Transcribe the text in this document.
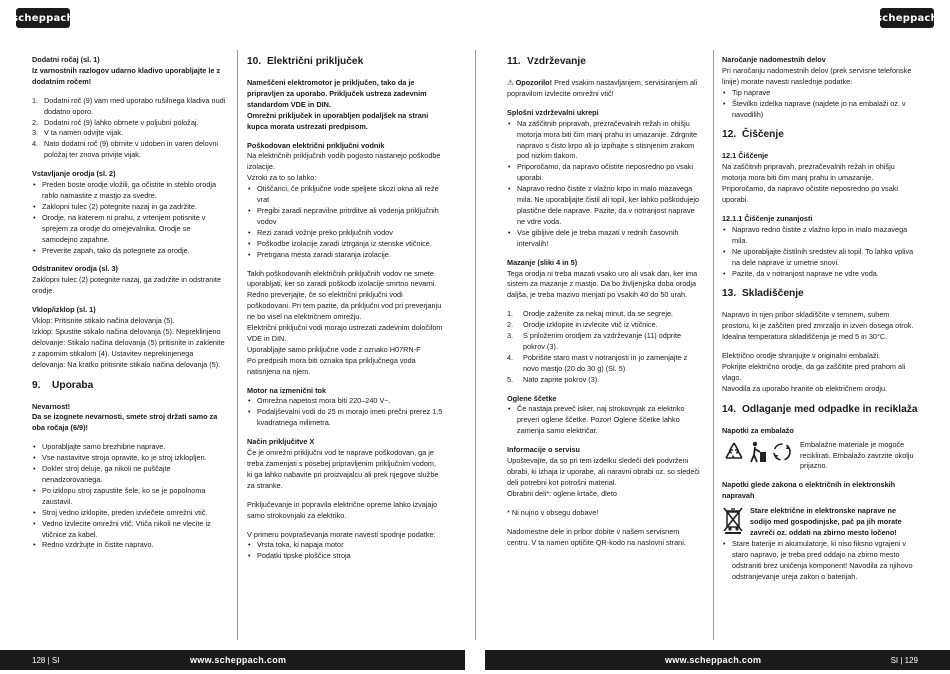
scheppach	scheppach
Dodatni ročaj (sl. 1)

Iz varnostnih razlogov udarno kladivo uporabljajte le z dodatnim ročem!

1. Dodatni roč (9) vam med uporabo rušilnega kladiva nudi dodatno oporo.
2. Dodatni roč (9) lahko obrnete v poljubni položaj.
3. V ta namen odvijte vijak.
4. Nato dodatni roč (9) obrnite v udoben in varen delovni položaj ter znova privijte vijak.
Vstavljanje orodja (sl. 2)
• Preden boste orodje vložili, ga očistite in steblo orodja rahlo namastite z mastjo za svedre.
• Zaklopni tulec (2) potegnite nazaj in ga zadržite.
• Orodje, na katerem ni prahu, z vrtenjem potisnite v sprejem za orodje do omejevalnika. Orodje se samodejno zapahne.
• Preverite zapah, tako da potegnete za orodje.
Odstranitev orodja (sl. 3)

Zaklopni tulec (2) potegnite nazaj, ga zadržite in odstranite orodje.

Vklop/izklop (sl. 1)
Vklop: Pritisnite stikalo načina delovanja (5).

Izklop: Spustite stikalo načina delovanja (5). Nepreklinjeno delovanje: Stikalo načina delovanja (5) pritisnite in zaklenite z zapornim stikalom (4). Ustavitev neprekinjenega delovanja: Na kratko pritisnite stikalo načina delovanja (5).

9.	Uporaba
Nevarnost!

Da se izognete nevarnosti, smete stroj držati samo za oba ročaja (6/9)!

• Uporabljajte samo brezhibne naprave.
• Vse nastavitve stroja opravite, ko je stroj izklopljen.
• Dokler stroj deluje, ga nikoli ne puščajte nenadzorovanega.
• Po izklopu stroj zapustite šele, ko se je popolnoma zaustavil.
• Stroj vedno izklopite, preden izvlečete omrežni vtič.
• Vedno izvlecite omrežni vtič. Vtiča nikoli ne vlecite iz vtičnice za kabel.
• Redno vzdržujte in čistite napravo.
10. Električni priključek
Nameščeni elektromotor je priključen, tako da je pripravljen za uporabo. Priključek ustreza zadevnim standardom VDE in DIN.

Omrežni priključek in uporabljen podaljšek na strani kupca morata ustrezati predpisom.

Poškodovan električni priključni vodnik
Na električnih priključnih vodih pogosto nastanejo poškodbe izolacije.
Vzroki za to so lahko:
• Otiščanci, če priključne vode speljete skozi okna ali reže vrat
• Pregibi zaradi nepravilne pritrditve ali vodenja priključnih vodov
• Rezi zaradi vožnje preko priključnih vodov
• Poškodbe izolacije zaradi iztrganja iz stenske vtičnice.
• Pretrgana mesta zaradi staranja izolacije.
Takih poškodovanih električnih priključnih vodov ne smete uporabljati, ker so zaradi poškodb izolacije smrtno nevarni.
Redno preverjajte, če so električni priključni vodi poškodovani. Pri tem pazite, da priključni vod pri preverjanju ne bo visel na električnem omrežju.
Električni priključni vodi morajo ustrezati zadevnim določilom VDE in DIN.
Uporabljajte samo priključne vode z oznako H07RN-F

Po predpisih mora biti oznaka tipa priključnega voda natisnjena na njem.

Motor na izmenični tok
• Omrežna napetost mora biti 220–240 V~.
• Podaljševalni vodi do 25 m morajo imeti prečni prerez 1,5 kvadratnega milimetra.
Način priključitve X

Če je omrežni priključni vod te naprave poškodovan, ga je treba zamenjati s posebej pripravljenim priključnim vodom, ki ga lahko nabavite pri proizvajalcu ali prek njegove službe za stranke.

Priključevanje in popravila električne opreme lahko izvajajo samo strokovnjaki za elektriko.

V primeru povpraševanja morate navesti spodnje podatke:
• Vrsta toka, ki napaja motor
• Podatki tipske ploščice stroja
11. Vzdrževanje

⚠ Opozorilo! Pred vsakim nastavljanjem, servisiranjem ali popravilom izvlecite omrežni vtič!

Splošni vzdrževalni ukrepi
• Na zaščitnih pripravah, prezračevalnih režah in ohišju motorja mora biti čim manj prahu in umazanije. Zdrgnite napravo s čisto krpo ali jo izpihajte s stisnjenim zrakom pod nizkim tlakom.
• Priporočamo, da napravo očistite neposredno po vsaki uporabi.
• Napravo redno čistite z vlažno krpo in malo mazavega mila. Ne uporabljajte čistil ali topil, ker lahko poškodujejo plastične dele naprave. Pazite, da v notranjost naprave ne vdre voda.
• Vse gibljive dele je treba mazati v rednih časovnih intervalih!
Mazanje (sliki 4 in 5)

Tega orodja ni treba mazati vsako uro ali vsak dan, ker ima sistem za mazanje z mastjo. Da bo življenjska doba orodja daljša, je treba mazivo menjati po vsakih 40 do 50 urah.

1.	Orodje zaženite za nekaj minut, da se segreje.
2.	Orodje izklopite in izvlecite vtič iz vtičnice.
3.	S priloženim orodjem za vzdrževanje (11) odprite pokrov (3).
4.	Pobrišite staro mast v notranjosti in jo zamenjajte z novo mastjo (20 do 30 g) (Sl. 5)
5.	Nato zaprite pokrov (3).
Oglene ščetke
• Če nastaja preveč isker, naj strokovnjak za elektriko preveri oglene ščetke. Pozor! Oglene ščetke lahko zamenja samo električar.
Informacije o servisu
Upoštevajte, da so pri tem izdelku sledeči deli podvrženi obrabi, ki izhaja iz uporabe, ali naravni obrabi oz. so sledeči deli potrebni kot potrošni material.

Obrabni deli*: oglene krtače, dleto

* Ni nujno v obsegu dobave!

Nadomestne dele in pribor dobite v našem servisnem centru. V ta namen optičite QR-kodo na naslovni strani.

Naročanje nadomestnih delov
Pri naročanju nadomestnih delov (prek servisne telefonske linije) morate navesti naslednje podatke:
• Tip naprave
• Številko izdelka naprave (najdete jo na embalaži oz. v navodilih)
12. Čiščenje
12.1 Čiščenje

Na zaščitnih pripravah, prezračevalnih režah in ohišju motorja mora biti čim manj prahu in umazanije. Priporočamo, da napravo očistite neposredno po vsaki uporabi.

12.1.1 Čiščenje zunanjosti
• Napravo redno čistite z vlažno krpo in malo mazavega mila.
• Ne uporabljajte čistilnih sredstev ali topil. To lahko vpliva na dele naprave iz umetne snovi.
• Pazite, da v notranjost naprave ne vdre voda.
13. Skladiščenje

Napravo in njen pribor skladiščite v temnem, suhem prostoru, ki je zaščiten pred zmrzaljo in izven dosega otrok. Idealna temperatura skladiščenja je med 5 in 30°C.

Električno orodje shranjujte v originalni embalaži.
Pokrijte električno orodje, da ga zaščitite pred prahom ali vlago.

Navodila za uporabo hranite ob električnem orodju.

14. Odlaganje med odpadke in reciklaža
Napotki za embalažo
Embalažne materiale je mogoče reciklirati. Embalažo zavrzite okolju prijazno.
Napotki glede zakona o električnih in elektronskih napravah
Stare električne in elektronske naprave ne sodijo med gospodinjske, pač pa jih morate zavreči oz. oddati na zbirno mesto ločeno!
• Stare baterije in akumulatorje, ki niso fiksno vgrajeni v staro napravo, je treba pred oddajo na zbirno mesto odstraniti brez uničenja komponent! Navodila za njihovo odstranjevanje ureja zakon o baterijah.
128 | SI	www.scheppach.com	www.scheppach.com	SI | 129
